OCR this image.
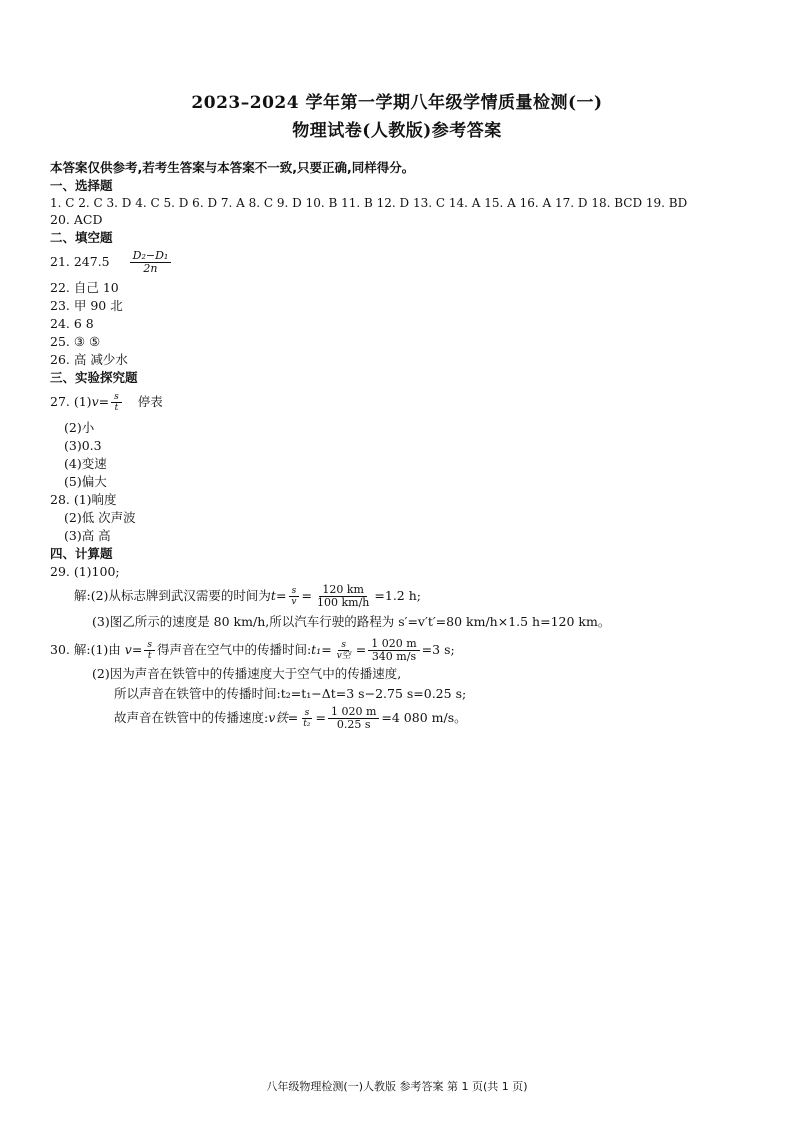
2023–2024 学年第一学期八年级学情质量检测(一)
物理试卷(人教版)参考答案
本答案仅供参考,若考生答案与本答案不一致,只要正确,同样得分。
一、选择题
1. C 2. C 3. D 4. C 5. D 6. D 7. A 8. C 9. D 10. B 11. B 12. D 13. C 14. A 15. A 16. A 17. D 18. BCD 19. BD
20. ACD
二、填空题
21. $247.5 \frac{\text{D₂−D₁}}{2n}$
22. 自己 10
23. 甲 90 北
24. 6 8
25. ③ ⑤
26. 高 减少水
三、实验探究题
27. $(1)v= \frac{s}{t}$ 停表
(2)小
(3)0.3
(4)变速
(5)偏大
28. (1)响度
(2)低 次声波
(3)高 高
四、计算题
29. (1)100;
解:(2)从标志牌到武汉需要的时间为$t= \frac{s}{v} = \frac{120 km}{100 km/h} =1.2$ h;
(3)图乙所示的速度是 80 km/h,所以汽车行驶的路程为 s′=v′t′=80 km/h×1.5 h=120 km。
30. 解:(1)由 $v= \frac{s}{t}$ 得声音在空气中的传播时间:t₁= $\frac{s}{\text{v空}} = \frac{1 020 m}{340 m/s} =3$ s;
(2)因为声音在铁管中的传播速度大于空气中的传播速度,
所以声音在铁管中的传播时间:t₂=t₁−Δt=3 s−2.75 s=0.25 s;
故声音在铁管中的传播速度:v铁= $\frac{s}{\text{t₂}} = \frac{1 020 m}{0.25 s} =4$ 080 m/s。
八年级物理检测(一)人教版 参考答案 第 1 页(共 1 页)
